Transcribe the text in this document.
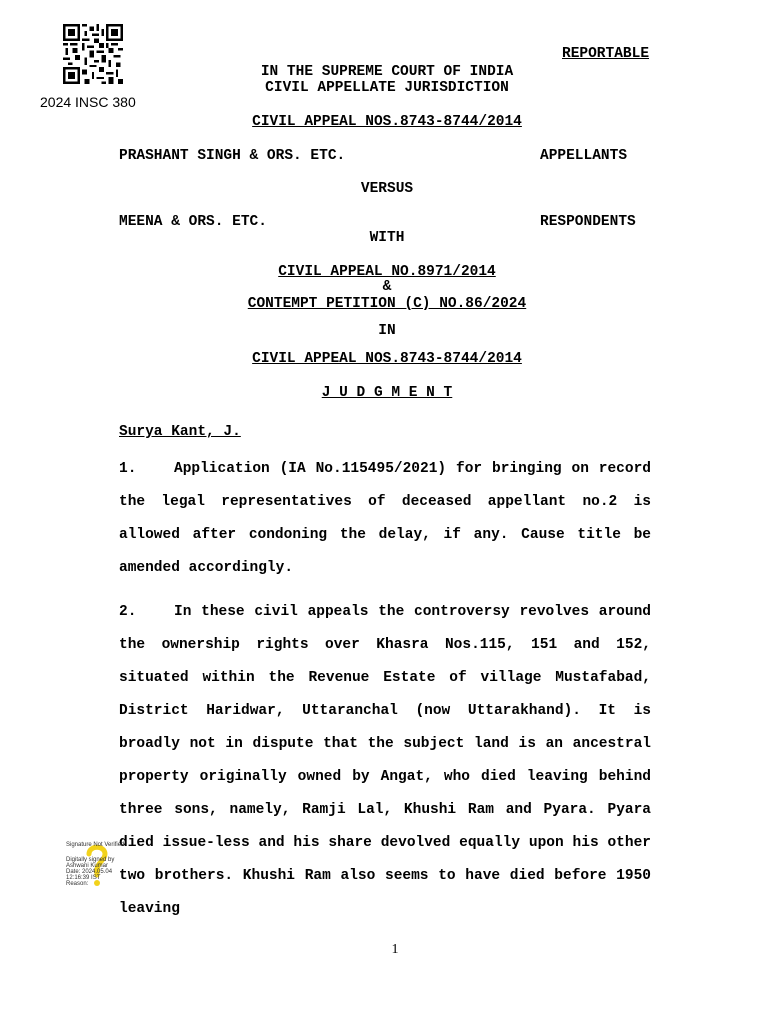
2024 INSC 380
REPORTABLE
IN THE SUPREME COURT OF INDIA
CIVIL APPELLATE JURISDICTION
CIVIL APPEAL NOS.8743-8744/2014
PRASHANT SINGH & ORS. ETC.	APPELLANTS
VERSUS
MEENA & ORS. ETC.	RESPONDENTS
WITH
CIVIL APPEAL NO.8971/2014
&
CONTEMPT PETITION (C) NO.86/2024
IN
CIVIL APPEAL NOS.8743-8744/2014
J U D G M E N T
Surya Kant, J.

1.	Application (IA No.115495/2021) for bringing on record the legal representatives of deceased appellant no.2 is allowed after condoning the delay, if any. Cause title be amended accordingly.

2.	In these civil appeals the controversy revolves around the ownership rights over Khasra Nos.115, 151 and 152, situated within the Revenue Estate of village Mustafabad, District Haridwar, Uttaranchal (now Uttarakhand). It is broadly not in dispute that the subject land is an ancestral property originally owned by Angat, who died leaving behind three sons, namely, Ramji Lal, Khushi Ram and Pyara. Pyara died issue-less and his share devolved equally upon his other two brothers. Khushi Ram also seems to have died before 1950 leaving

Signature Not Verified
Digitally signed by
Ashwani Kumar
Date: 2024.05.04
12:16:39 IST
Reason:
1
